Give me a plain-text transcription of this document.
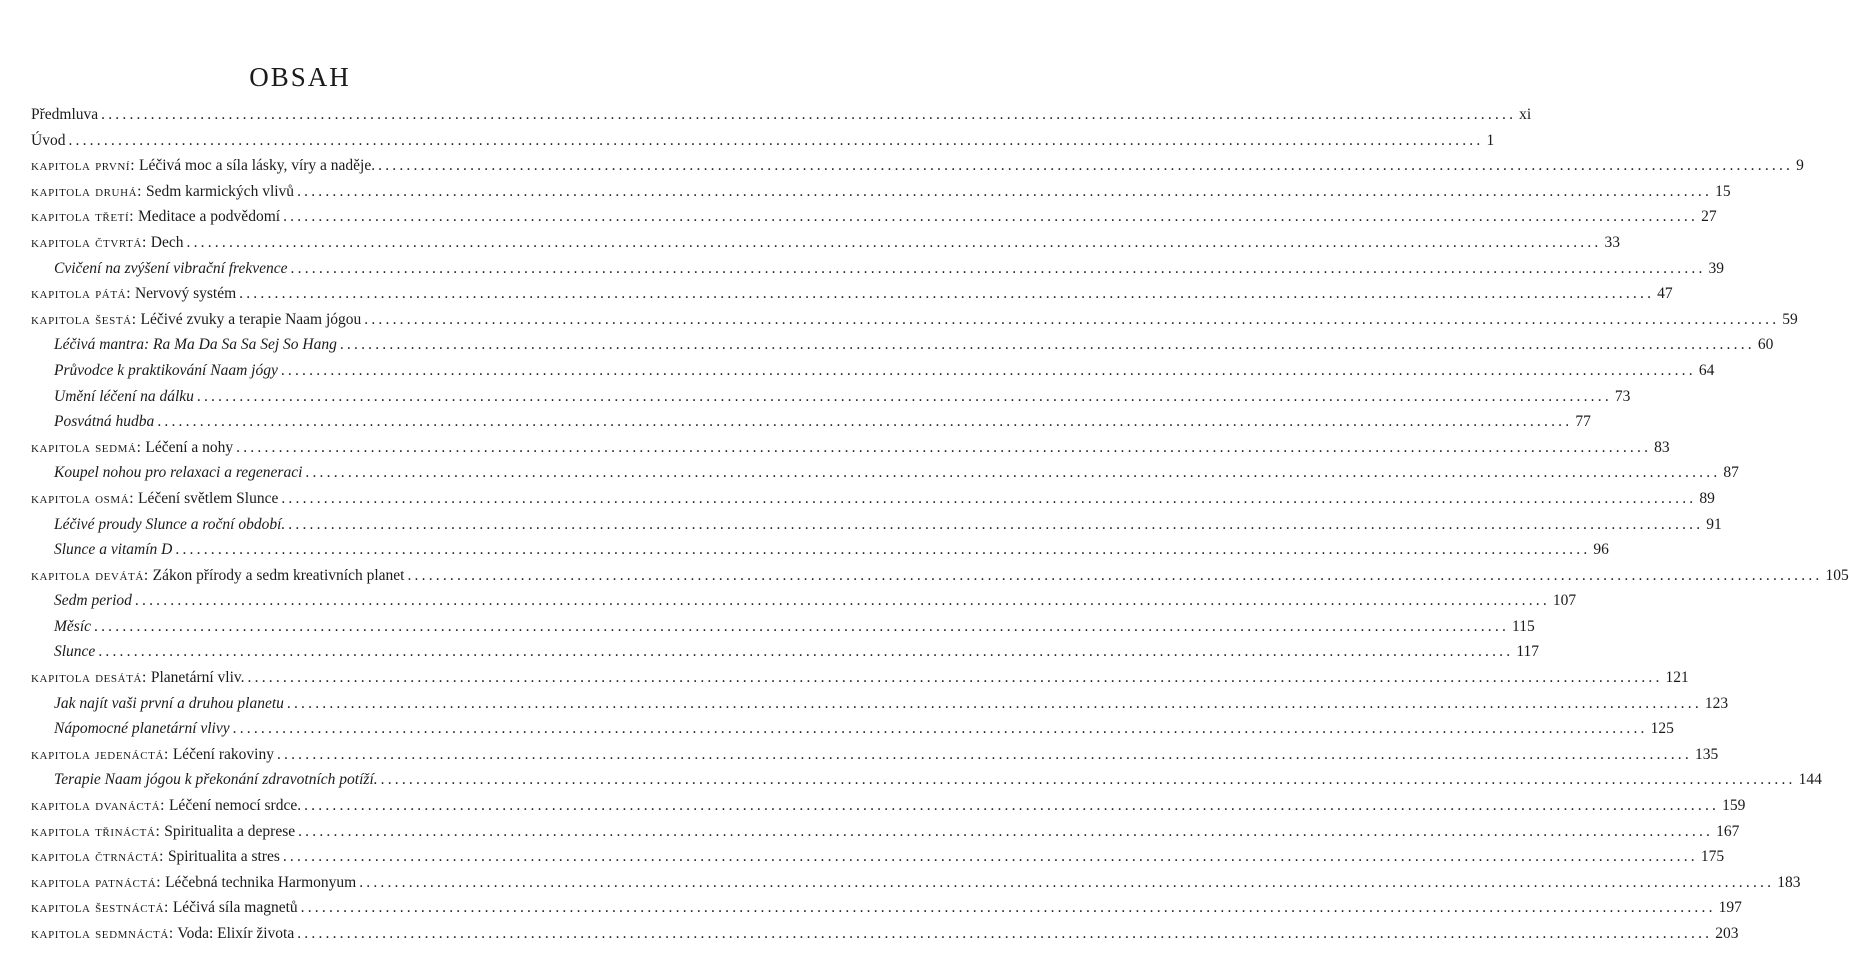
OBSAH
Předmluva ........................................................................................................................................................................................................ xi
Úvod ........................................................................................................................................................................................................ 1
kapitola první: Léčivá moc a síla lásky, víry a naděje. ........................................................................................................................................................................................................ 9
kapitola druhá: Sedm karmických vlivů ........................................................................................................................................................................................................ 15
kapitola třetí: Meditace a podvědomí ........................................................................................................................................................................................................ 27
kapitola čtvrtá: Dech ........................................................................................................................................................................................................ 33
Cvičení na zvýšení vibrační frekvence ........................................................................................................................................................................................................ 39
kapitola pátá: Nervový systém ........................................................................................................................................................................................................ 47
kapitola šestá: Léčivé zvuky a terapie Naam jógou ........................................................................................................................................................................................................ 59
Léčivá mantra: Ra Ma Da Sa Sa Sej So Hang ........................................................................................................................................................................................................ 60
Průvodce k praktikování Naam jógy ........................................................................................................................................................................................................ 64
Umění léčení na dálku ........................................................................................................................................................................................................ 73
Posvátná hudba ........................................................................................................................................................................................................ 77
kapitola sedmá: Léčení a nohy ........................................................................................................................................................................................................ 83
Koupel nohou pro relaxaci a regeneraci ........................................................................................................................................................................................................ 87
kapitola osmá: Léčení světlem Slunce ........................................................................................................................................................................................................ 89
Léčivé proudy Slunce a roční období. ........................................................................................................................................................................................................ 91
Slunce a vitamín D ........................................................................................................................................................................................................ 96
kapitola devátá: Zákon přírody a sedm kreativních planet ........................................................................................................................................................................................................ 105
Sedm period ........................................................................................................................................................................................................ 107
Měsíc ........................................................................................................................................................................................................ 115
Slunce ........................................................................................................................................................................................................ 117
kapitola desátá: Planetární vliv. ........................................................................................................................................................................................................ 121
Jak najít vaši první a druhou planetu ........................................................................................................................................................................................................ 123
Nápomocné planetární vlivy ........................................................................................................................................................................................................ 125
kapitola jedenáctá: Léčení rakoviny ........................................................................................................................................................................................................ 135
Terapie Naam jógou k překonání zdravotních potíží. ........................................................................................................................................................................................................ 144
kapitola dvanáctá: Léčení nemocí srdce. ........................................................................................................................................................................................................ 159
kapitola třináctá: Spiritualita a deprese ........................................................................................................................................................................................................ 167
kapitola čtrnáctá: Spiritualita a stres ........................................................................................................................................................................................................ 175
kapitola patnáctá: Léčebná technika Harmonyum ........................................................................................................................................................................................................ 183
kapitola šestnáctá: Léčivá síla magnetů ........................................................................................................................................................................................................ 197
kapitola sedmnáctá: Voda: Elixír života ........................................................................................................................................................................................................ 203
